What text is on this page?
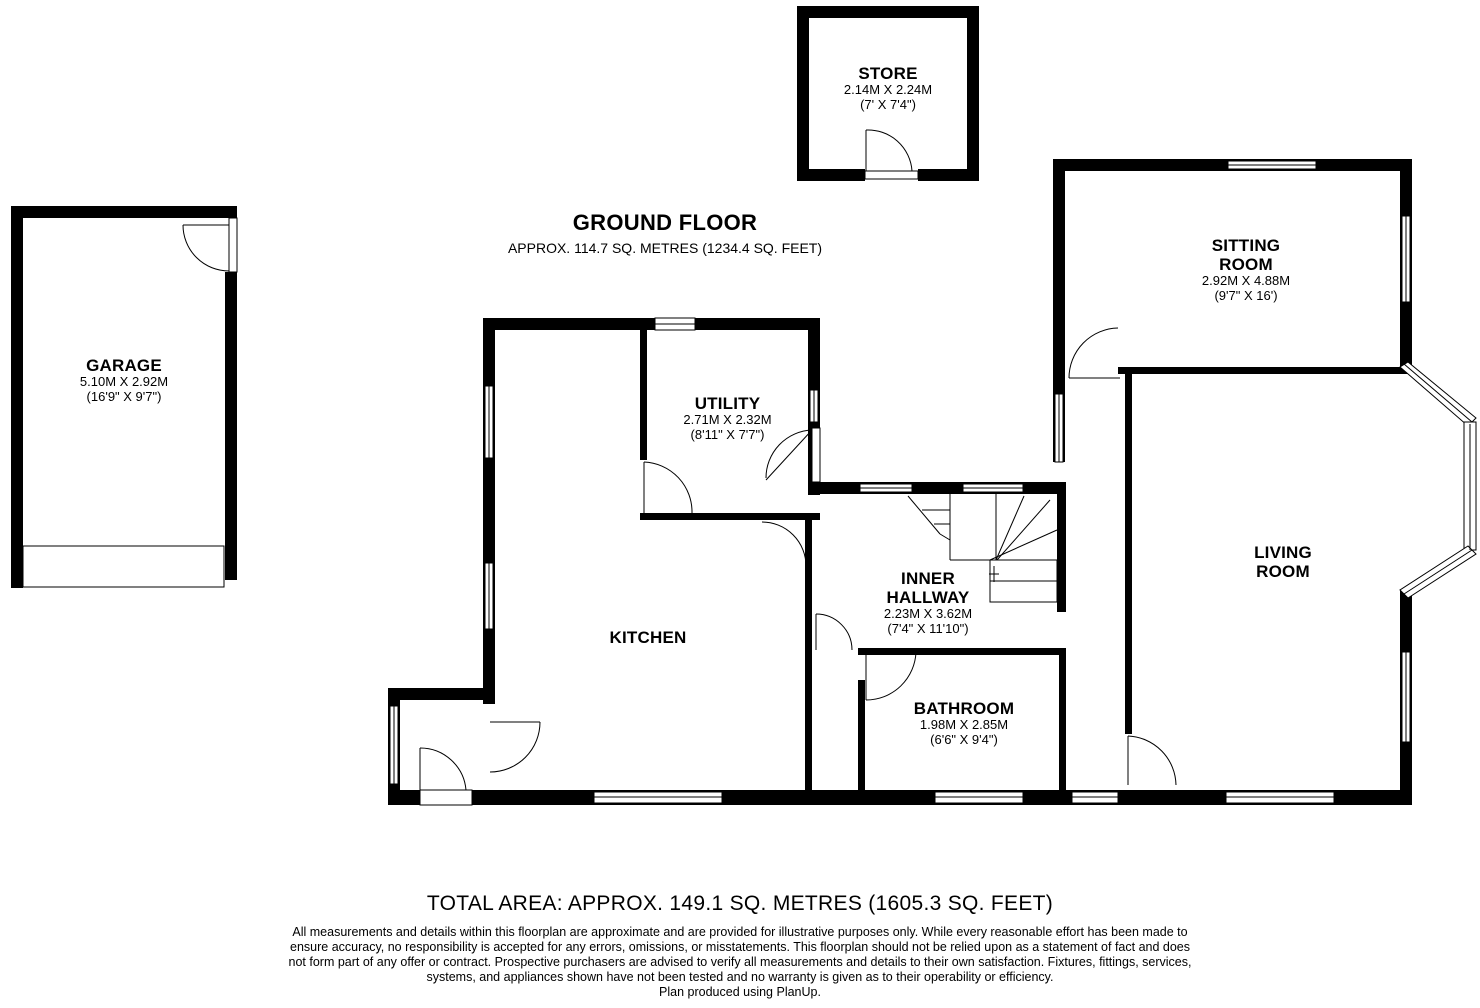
STORE
2.14M X 2.24M
(7' X 7'4")
GARAGE
5.10M X 2.92M
(16'9" X 9'7")
GROUND FLOOR
APPROX. 114.7 SQ. METRES (1234.4 SQ. FEET)	SITTING
ROOM
2.92M X 4.88M
(9'7" X 16')
UTILITY
2.71M X 2.32M
(8'11" X 7'7")
INNER
HALLWAY
2.23M X 3.62M
(7'4" X 11'10")
KITCHEN
LIVING
ROOM
BATHROOM
1.98M X 2.85M
(6'6" X 9'4")
TOTAL AREA: APPROX. 149.1 SQ. METRES (1605.3 SQ. FEET)
All measurements and details within this floorplan are approximate and are provided for illustrative purposes only. While every reasonable effort has been made to
ensure accuracy, no responsibility is accepted for any errors, omissions, or misstatements. This floorplan should not be relied upon as a statement of fact and does
not form part of any offer or contract. Prospective purchasers are advised to verify all measurements and details to their own satisfaction. Fixtures, fittings, services,
systems, and appliances shown have not been tested and no warranty is given as to their operability or efficiency.
Plan produced using PlanUp.
